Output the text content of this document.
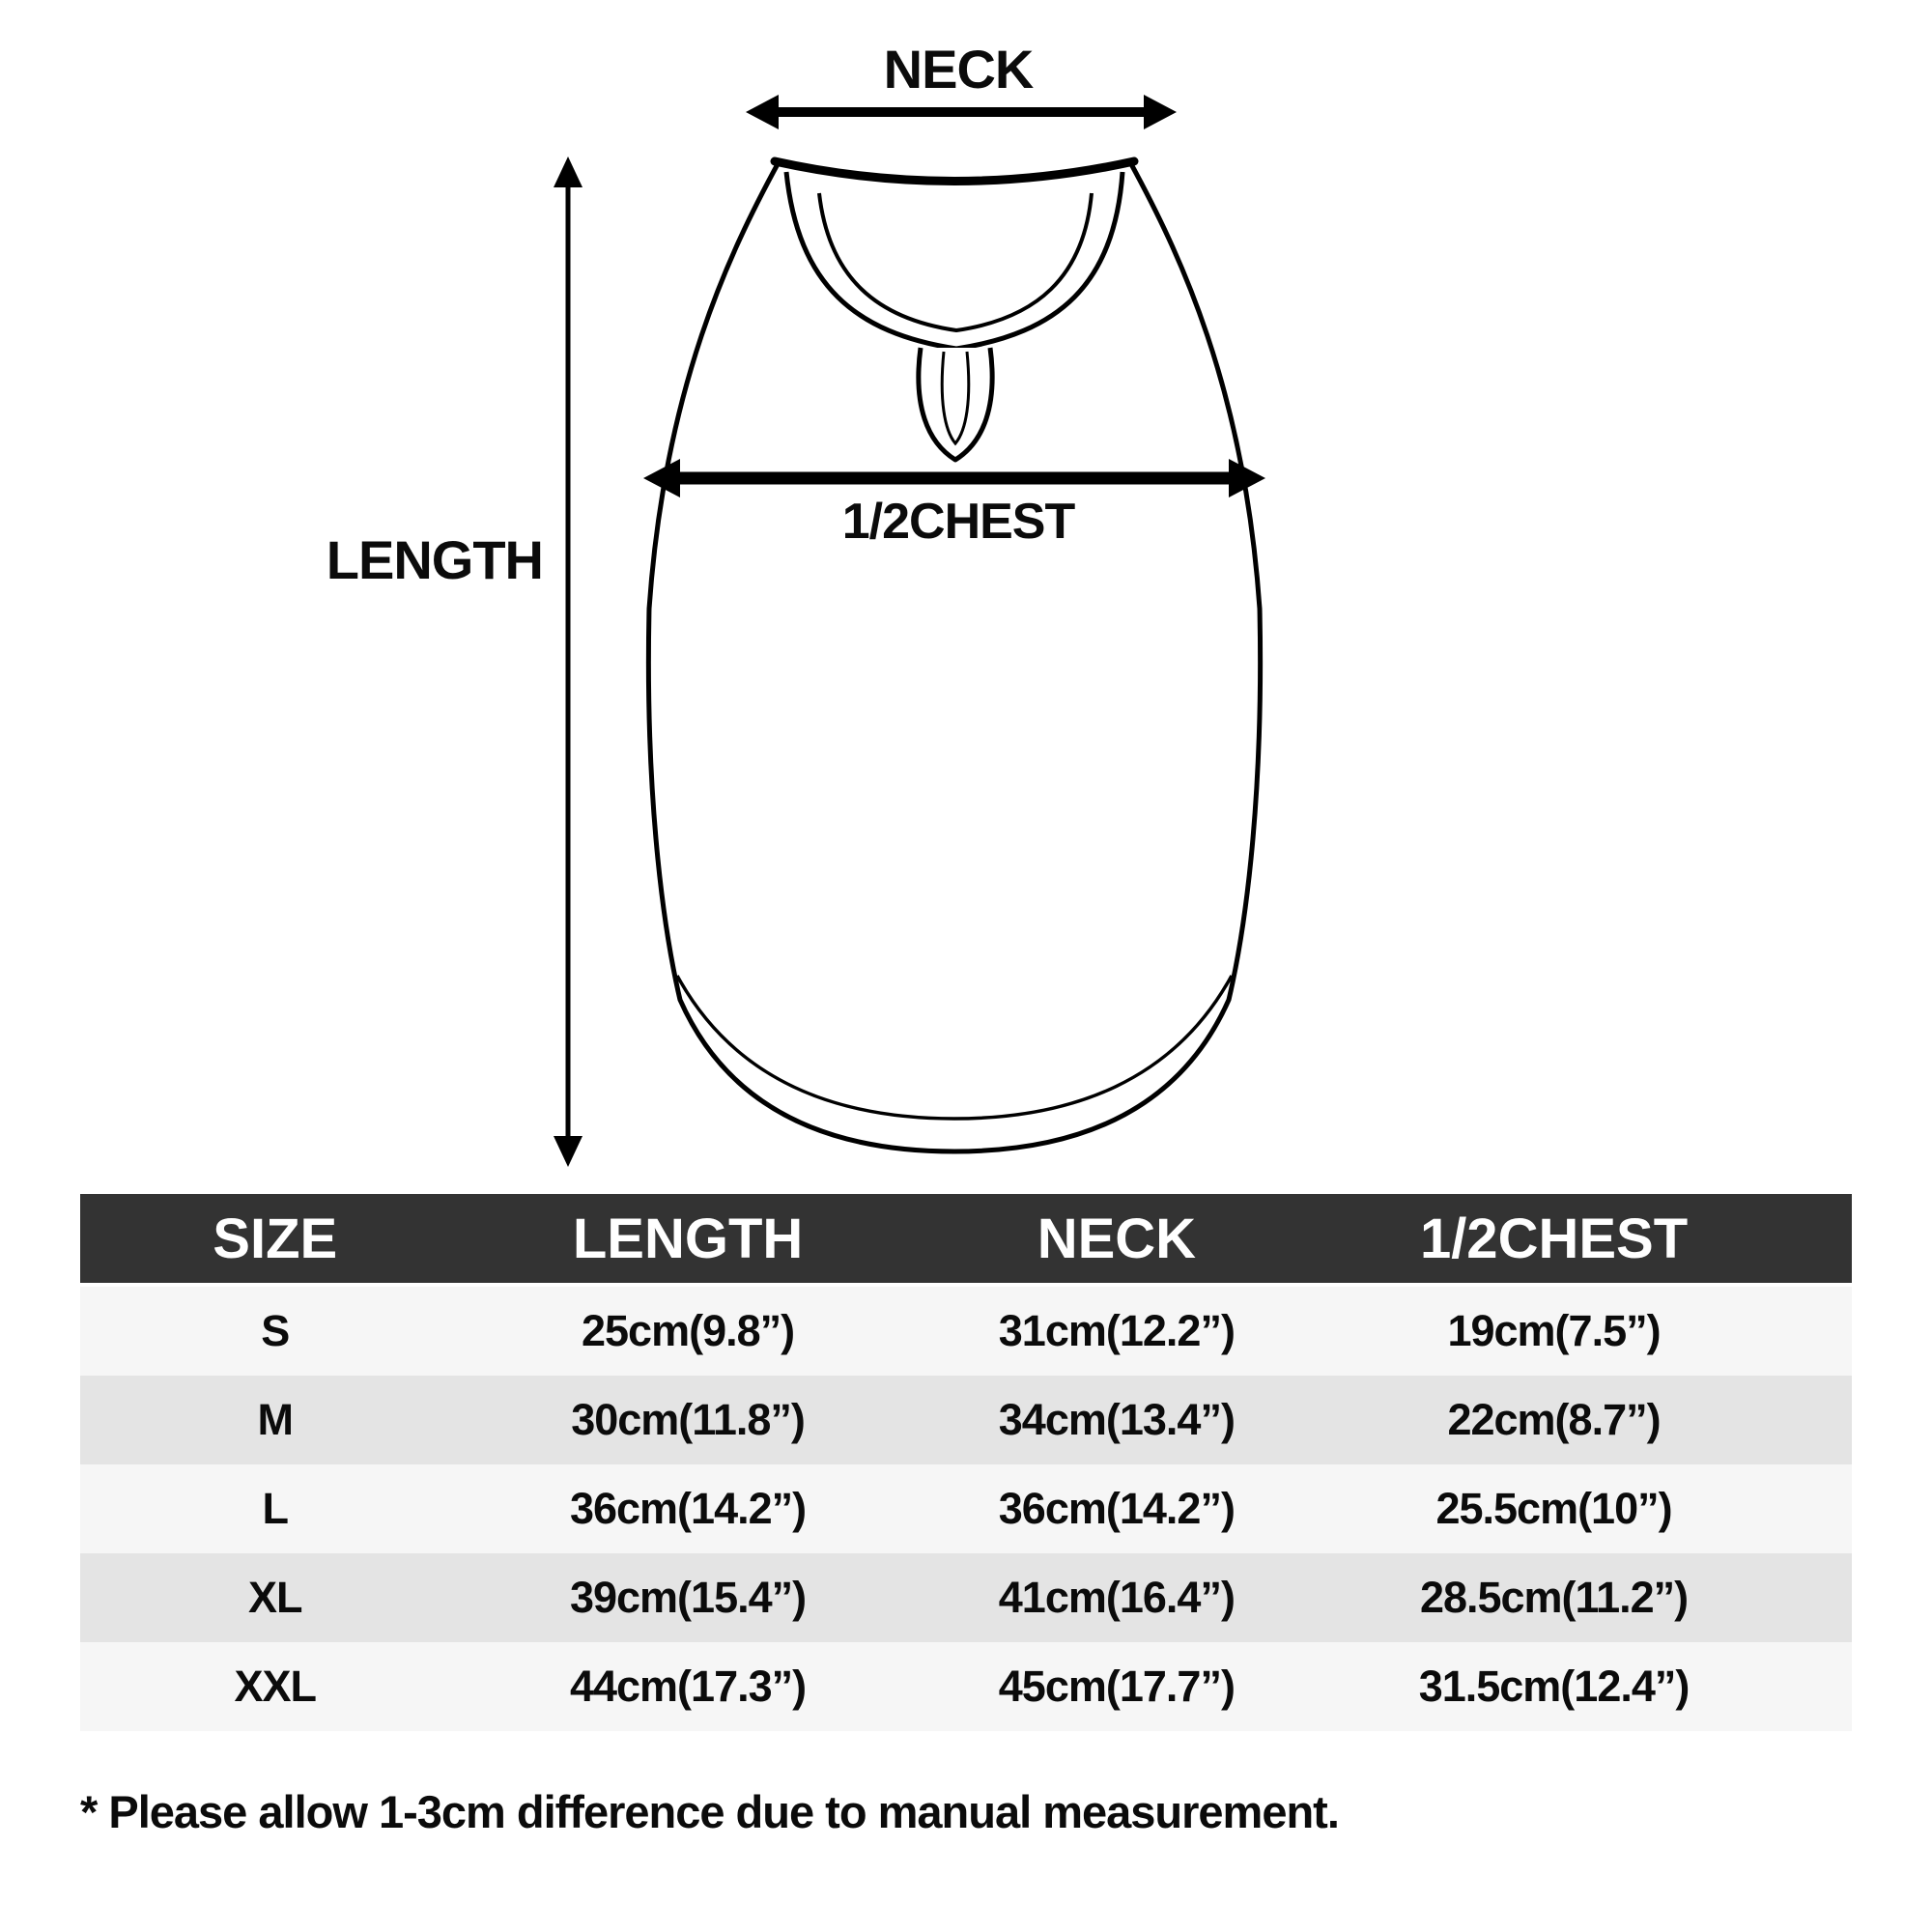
NECK
LENGTH
1/2CHEST
SIZE	LENGTH	NECK	1/2CHEST
S	25cm(9.8”)	31cm(12.2”)	19cm(7.5”)
M	30cm(11.8”)	34cm(13.4”)	22cm(8.7”)
L	36cm(14.2”)	36cm(14.2”)	25.5cm(10”)
XL	39cm(15.4”)	41cm(16.4”)	28.5cm(11.2”)
XXL	44cm(17.3”)	45cm(17.7”)	31.5cm(12.4”)
* Please allow 1-3cm difference due to manual measurement.
